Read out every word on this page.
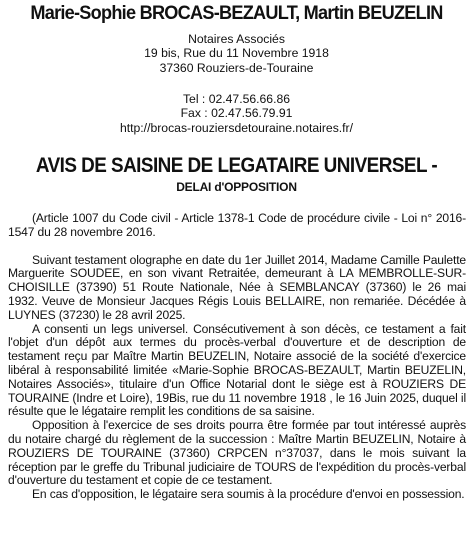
Marie-Sophie BROCAS-BEZAULT, Martin BEUZELIN
Notaires Associés
19 bis, Rue du 11 Novembre 1918
37360 Rouziers-de-Touraine
Tel : 02.47.56.66.86
Fax : 02.47.56.79.91
http://brocas-rouziersdetouraine.notaires.fr/
AVIS DE SAISINE DE LEGATAIRE UNIVERSEL -
DELAI d'OPPOSITION

(Article 1007 du Code civil - Article 1378-1 Code de procédure civile - Loi n° 2016-1547 du 28 novembre 2016.

Suivant testament olographe en date du 1er Juillet 2014, Madame Camille Paulette Marguerite SOUDEE, en son vivant Retraitée, demeurant à LA MEMBROLLE-SUR-CHOISILLE (37390) 51 Route Nationale, Née à SEMBLANCAY (37360) le 26 mai 1932. Veuve de Monsieur Jacques Régis Louis BELLAIRE, non remariée. Décédée à LUYNES (37230) le 28 avril 2025.

A consenti un legs universel. Consécutivement à son décès, ce testament a fait l'objet d'un dépôt aux termes du procès-verbal d'ouverture et de description de testament reçu par Maître Martin BEUZELIN, Notaire associé de la société d'exercice libéral à responsabilité limitée «Marie-Sophie BROCAS-BEZAULT, Martin BEUZELIN, Notaires Associés», titulaire d'un Office Notarial dont le siège est à ROUZIERS DE TOURAINE (Indre et Loire), 19Bis, rue du 11 novembre 1918 , le 16 Juin 2025, duquel il résulte que le légataire remplit les conditions de sa saisine.

Opposition à l'exercice de ses droits pourra être formée par tout intéressé auprès du notaire chargé du règlement de la succession : Maître Martin BEUZELIN, Notaire à ROUZIERS DE TOURAINE (37360) CRPCEN n°37037, dans le mois suivant la réception par le greffe du Tribunal judiciaire de TOURS de l'expédition du procès-verbal d'ouverture du testament et copie de ce testament.

En cas d'opposition, le légataire sera soumis à la procédure d'envoi en possession.
